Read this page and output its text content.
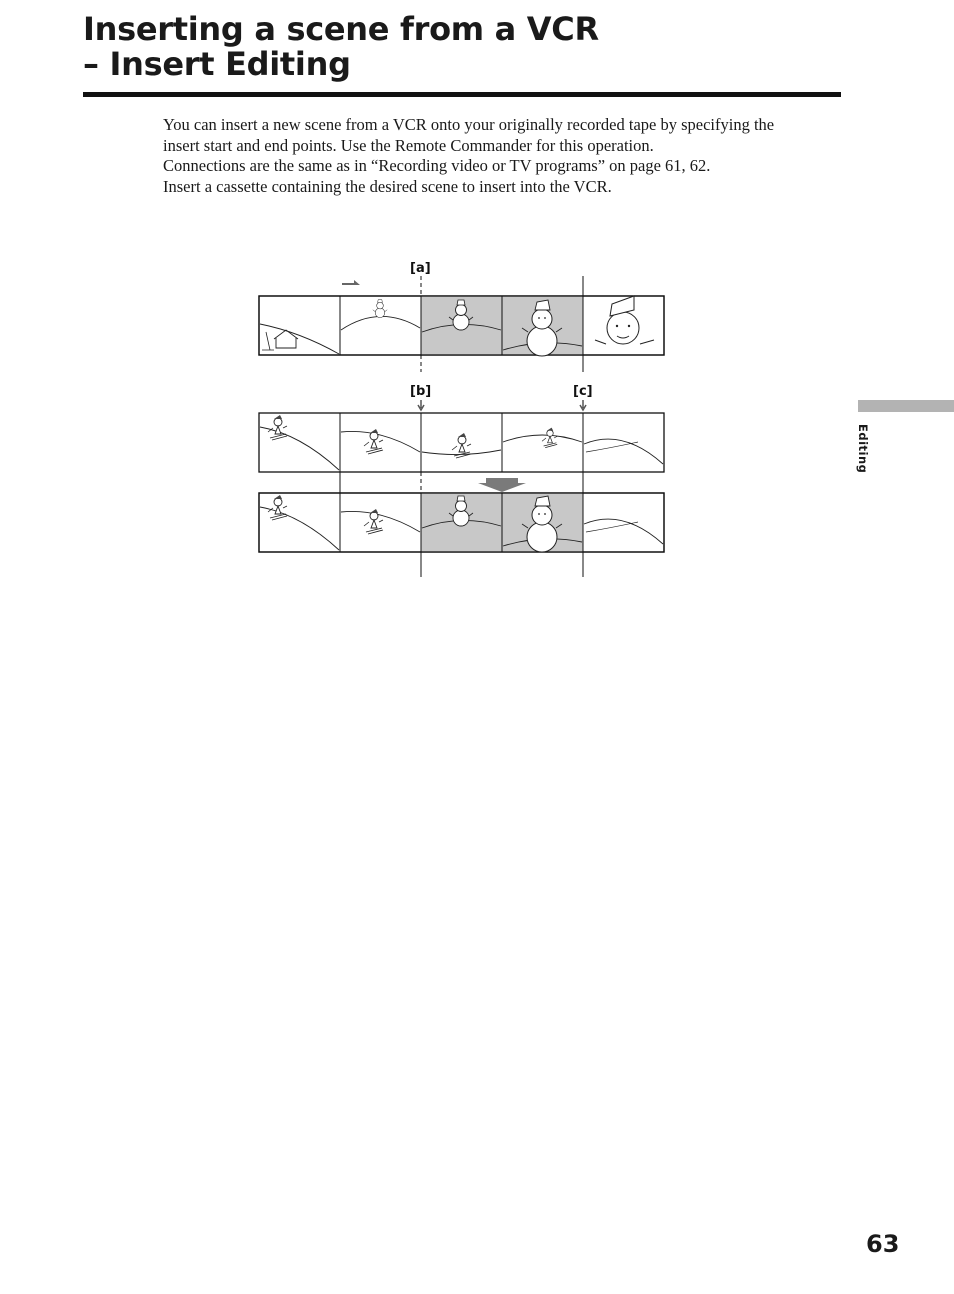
Inserting a scene from a VCR
– Insert Editing

You can insert a new scene from a VCR onto your originally recorded tape by specifying the insert start and end points. Use the Remote Commander for this operation.

Connections are the same as in “Recording video or TV programs” on page 61, 62.

Insert a cassette containing the desired scene to insert into the VCR.

[a]
[b]	[c]
Editing
63
